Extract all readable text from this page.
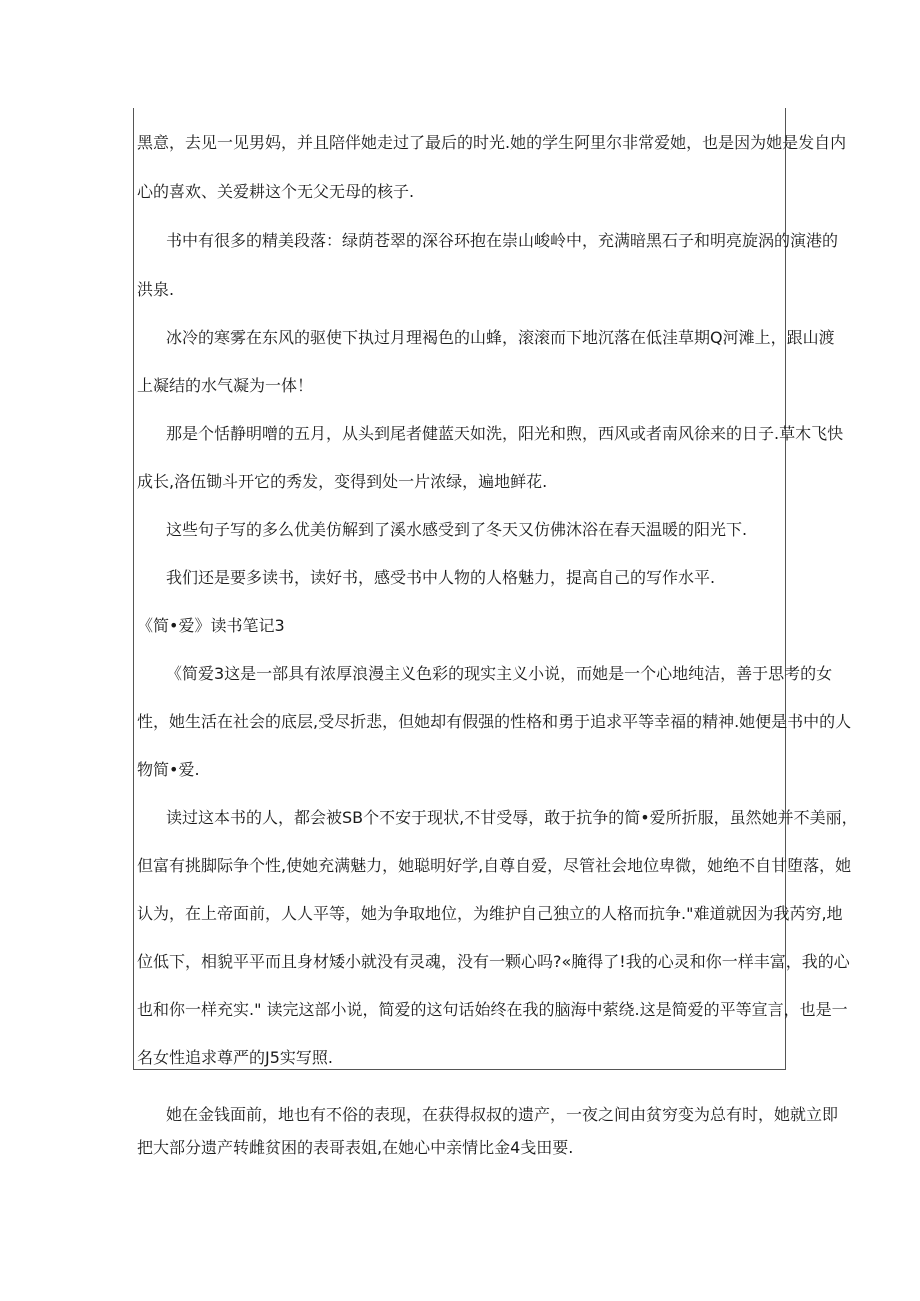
黑意，去见一见男妈，并且陪伴她走过了最后的时光.她的学生阿里尔非常爱她，也是因为她是发自内
心的喜欢、关爱耕这个无父无母的核子.
书中有很多的精美段落：绿荫苍翠的深谷环抱在崇山峻岭中，充满暗黑石子和明亮旋涡的演港的
洪泉.
冰冷的寒雾在东风的驱使下执过月理褐色的山蜂，滚滚而下地沉落在低洼草期Q河滩上，跟山渡
上凝结的水气凝为一体！
那是个恬静明噌的五月，从头到尾者健蓝天如洗，阳光和煦，西风或者南风徐来的日子.草木飞快
成长,洛伍锄斗开它的秀发，变得到处一片浓绿，遍地鲜花.
这些句子写的多么优美仿解到了溪水感受到了冬天又仿佛沐浴在春天温暖的阳光下.
我们还是要多读书，读好书，感受书中人物的人格魅力，提高自己的写作水平.
《简•爱》读书笔记3
《简爱3这是一部具有浓厚浪漫主义色彩的现实主义小说，而她是一个心地纯洁，善于思考的女
性，她生活在社会的底层,受尽折悲，但她却有假强的性格和勇于追求平等幸福的精神.她便是书中的人
物简•爱.
读过这本书的人，都会被SB个不安于现状,不甘受辱，敢于抗争的简•爱所折服，虽然她并不美丽，
但富有挑脚际争个性,使她充满魅力，她聪明好学,自尊自爱，尽管社会地位卑微，她绝不自甘堕落，她
认为，在上帝面前，人人平等，她为争取地位，为维护自己独立的人格而抗争."难道就因为我芮穷,地
位低下，相貌平平而且身材矮小就没有灵魂，没有一颗心吗?«腌得了!我的心灵和你一样丰富，我的心
也和你一样充实." 读完这部小说，简爱的这句话始终在我的脑海中萦绕.这是简爱的平等宣言，也是一
名女性追求尊严的J5实写照.
她在金钱面前，地也有不俗的表现，在获得叔叔的遗产，一夜之间由贫穷变为总有时，她就立即
把大部分遗产转雌贫困的表哥表姐,在她心中亲情比金4戋田要.
